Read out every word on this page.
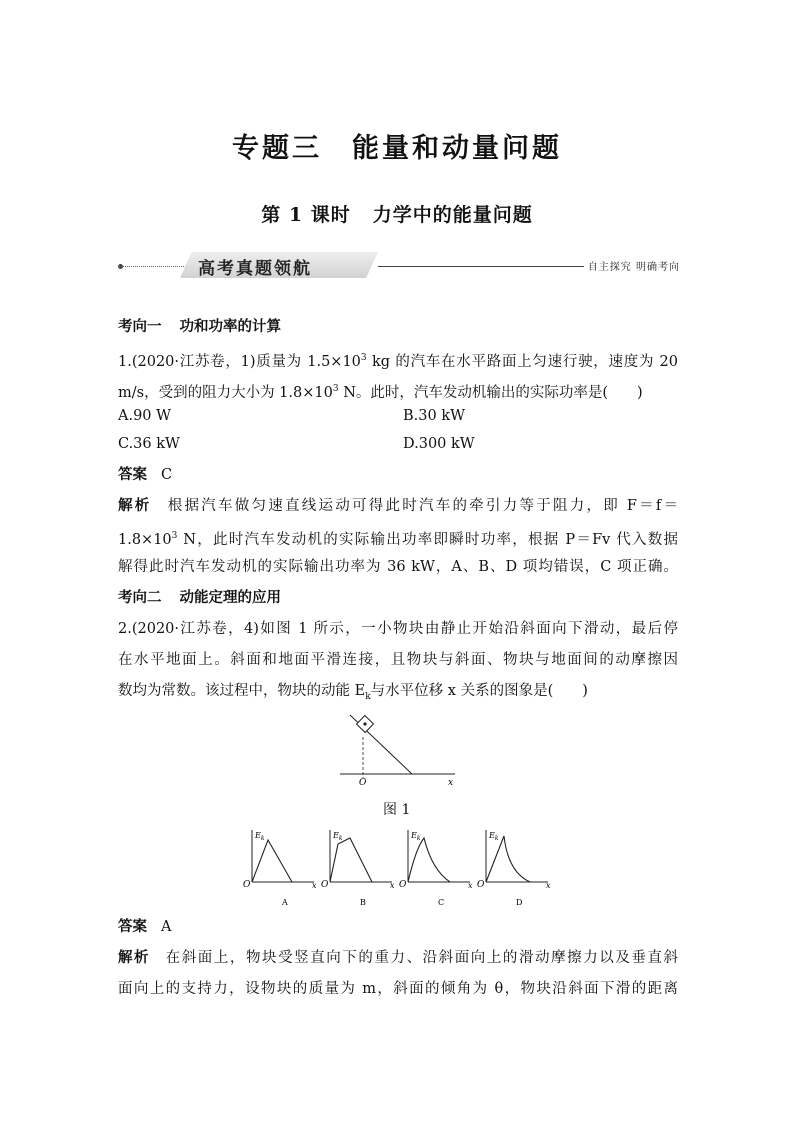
专题三 能量和动量问题
第 1 课时 力学中的能量问题
高考真题领航	自主探究 明确考向
考向一 功和功率的计算
1.(2020·江苏卷，1)质量为 $1.5\times 10^3$ kg 的汽车在水平路面上匀速行驶，速度为 20
m/s，受到的阻力大小为 $1.8\times 10^3$ N。此时，汽车发动机输出的实际功率是(　　)
A.90 W	B.30 kW
C.36 kW	D.300 kW
答案 C
解析 根据汽车做匀速直线运动可得此时汽车的牵引力等于阻力，即 F＝f＝
$1.8\times 10^3$ N，此时汽车发动机的实际输出功率即瞬时功率，根据 P＝Fv 代入数据
解得此时汽车发动机的实际输出功率为 36 kW，A、B、D 项均错误，C 项正确。
考向二 动能定理的应用
2.(2020·江苏卷，4)如图 1 所示，一小物块由静止开始沿斜面向下滑动，最后停
在水平地面上。斜面和地面平滑连接，且物块与斜面、物块与地面间的动摩擦因
数均为常数。该过程中，物块的动能 $E_k$与水平位移 x 关系的图象是(　　)
O	x
图 1
$E_k$
O	x
A
$E_k$
O	x
B
$E_k$
O	x
C
$E_k$
O	x
D
答案 A
解析 在斜面上，物块受竖直向下的重力、沿斜面向上的滑动摩擦力以及垂直斜
面向上的支持力，设物块的质量为 m，斜面的倾角为 θ，物块沿斜面下滑的距离
